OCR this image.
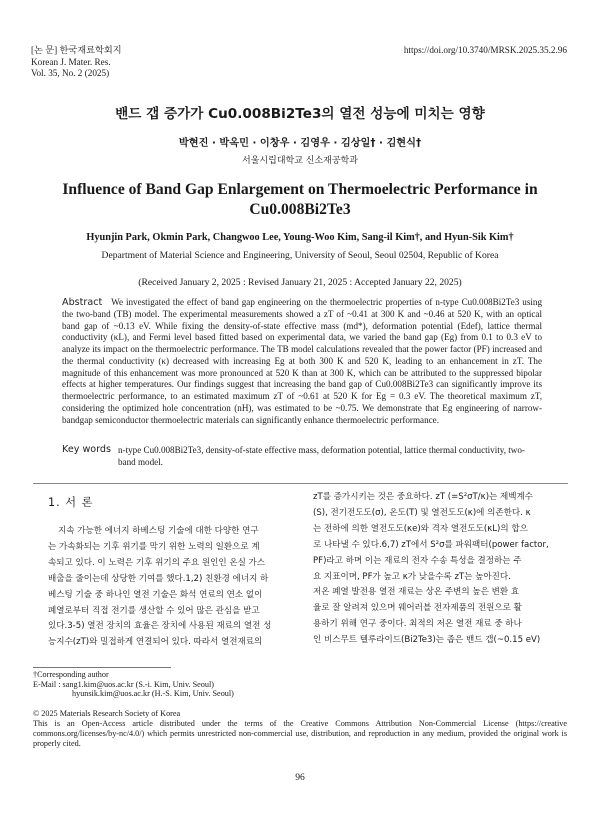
[논 문] 한국재료학회지
Korean J. Mater. Res.
Vol. 35, No. 2 (2025)
https://doi.org/10.3740/MRSK.2025.35.2.96
밴드 갭 증가가 Cu0.008Bi2Te3의 열전 성능에 미치는 영향
박현진 · 박옥민 · 이창우 · 김영우 · 김상일† · 김현식†
서울시립대학교 신소재공학과
Influence of Band Gap Enlargement on Thermoelectric Performance in
Cu0.008Bi2Te3
Hyunjin Park, Okmin Park, Changwoo Lee, Young-Woo Kim, Sang-il Kim†, and Hyun-Sik Kim†
Department of Material Science and Engineering, University of Seoul, Seoul 02504, Republic of Korea
(Received January 2, 2025 : Revised January 21, 2025 : Accepted January 22, 2025)
Abstract We investigated the effect of band gap engineering on the thermoelectric properties of n-type Cu0.008Bi2Te3 using the two-band (TB) model. The experimental measurements showed a zT of ~0.41 at 300 K and ~0.46 at 520 K, with an optical band gap of ~0.13 eV. While fixing the density-of-state effective mass (md*), deformation potential (Edef), lattice thermal conductivity (κL), and Fermi level based fitted based on experimental data, we varied the band gap (Eg) from 0.1 to 0.3 eV to analyze its impact on the thermoelectric performance. The TB model calculations revealed that the power factor (PF) increased and the thermal conductivity (κ) decreased with increasing Eg at both 300 K and 520 K, leading to an enhancement in zT. The magnitude of this enhancement was more pronounced at 520 K than at 300 K, which can be attributed to the suppressed bipolar effects at higher temperatures. Our findings suggest that increasing the band gap of Cu0.008Bi2Te3 can significantly improve its thermoelectric performance, to an estimated maximum zT of ~0.61 at 520 K for Eg = 0.3 eV. The theoretical maximum zT, considering the optimized hole concentration (nH), was estimated to be ~0.75. We demonstrate that Eg engineering of narrow-bandgap semiconductor thermoelectric materials can significantly enhance thermoelectric performance.
Key words n-type Cu0.008Bi2Te3, density-of-state effective mass, deformation potential, lattice thermal conductivity, two-band model.
1. 서 론
지속 가능한 에너지 하베스팅 기술에 대한 다양한 연구
는 가속화되는 기후 위기를 막기 위한 노력의 일환으로 계
속되고 있다. 이 노력은 기후 위기의 주요 원인인 온실 가스
배출을 줄이는데 상당한 기여를 했다.1,2) 친환경 에너지 하
베스팅 기술 중 하나인 열전 기술은 화석 연료의 연소 없이
폐열로부터 직접 전기를 생산할 수 있어 많은 관심을 받고
있다.3-5) 열전 장치의 효율은 장치에 사용된 재료의 열전 성
능지수(zT)와 밀접하게 연결되어 있다. 따라서 열전재료의
zT를 증가시키는 것은 중요하다. zT (=S²σT/κ)는 제벡계수
(S), 전기전도도(σ), 온도(T) 및 열전도도(κ)에 의존한다. κ
는 전하에 의한 열전도도(κe)와 격자 열전도도(κL)의 합으
로 나타낼 수 있다.6,7) zT에서 S²σ를 파워팩터(power factor,
PF)라고 하며 이는 재료의 전자 수송 특성을 결정하는 주
요 지표이며, PF가 높고 κ가 낮을수록 zT는 높아진다.
저온 폐열 발전용 열전 재료는 상온 주변의 높은 변환 효
율로 잘 알려져 있으며 웨어러블 전자제품의 전원으로 활
용하기 위해 연구 중이다. 최적의 저온 열전 재료 중 하나
인 비스무트 텔루라이드(Bi2Te3)는 좁은 밴드 갭(~0.15 eV)
†Corresponding author
E-Mail : sang1.kim@uos.ac.kr (S.-i. Kim, Univ. Seoul)
hyunsik.kim@uos.ac.kr (H.-S. Kim, Univ. Seoul)
© 2025 Materials Research Society of Korea
This is an Open-Access article distributed under the terms of the Creative Commons Attribution Non-Commercial License (https://creative commons.org/licenses/by-nc/4.0/) which permits unrestricted non-commercial use, distribution, and reproduction in any medium, provided the original work is properly cited.
96
